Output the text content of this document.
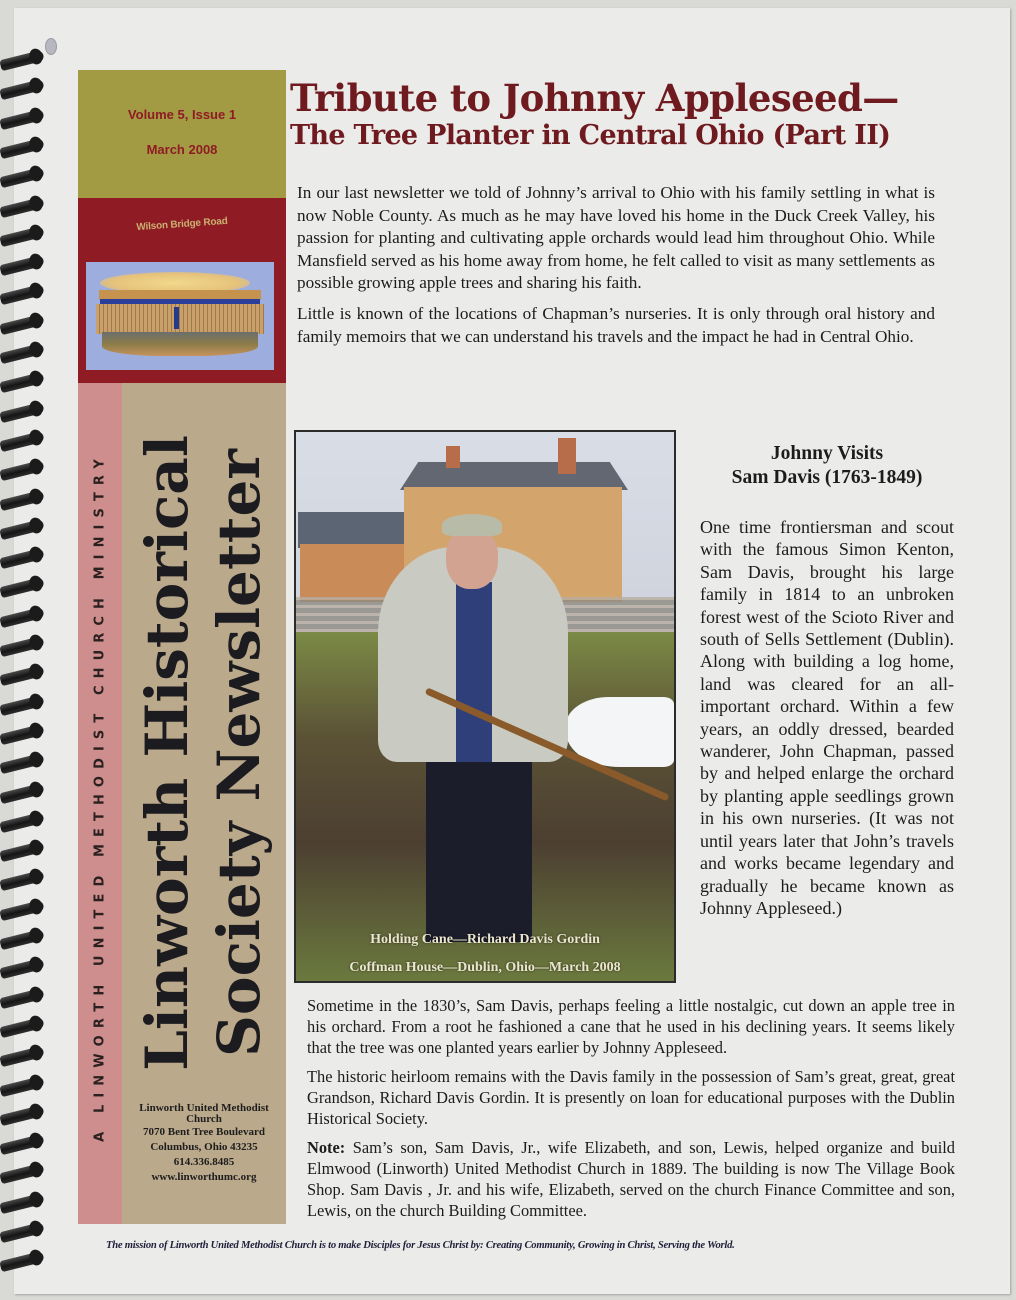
Volume 5, Issue 1
March 2008
Wilson Bridge Road
A LINWORTH UNITED METHODIST CHURCH MINISTRY Linworth Historical Society Newsletter
Linworth United Methodist
Church
7070 Bent Tree Boulevard
Columbus, Ohio 43235
614.336.8485
www.linworthumc.org
Tribute to Johnny Appleseed—
The Tree Planter in Central Ohio (Part II)

In our last newsletter we told of Johnny’s arrival to Ohio with his family settling in what is now Noble County. As much as he may have loved his home in the Duck Creek Valley, his passion for planting and cultivating apple orchards would lead him throughout Ohio. While Mansfield served as his home away from home, he felt called to visit as many settlements as possible growing apple trees and sharing his faith.

Little is known of the locations of Chapman’s nurseries. It is only through oral history and family memoirs that we can understand his travels and the impact he had in Central Ohio.

Holding Cane—Richard Davis Gordin
Coffman House—Dublin, Ohio—March 2008
Johnny Visits
Sam Davis (1763-1849)

One time frontiersman and scout with the famous Simon Kenton, Sam Davis, brought his large family in 1814 to an unbroken forest west of the Scioto River and south of Sells Settlement (Dublin). Along with building a log home, land was cleared for an all-important orchard. Within a few years, an oddly dressed, bearded wanderer, John Chapman, passed by and helped enlarge the orchard by planting apple seedlings grown in his own nurseries. (It was not until years later that John’s travels and works became legendary and gradually he became known as Johnny Appleseed.)

Sometime in the 1830’s, Sam Davis, perhaps feeling a little nostalgic, cut down an apple tree in his orchard. From a root he fashioned a cane that he used in his declining years. It seems likely that the tree was one planted years earlier by Johnny Appleseed.

The historic heirloom remains with the Davis family in the possession of Sam’s great, great, great Grandson, Richard Davis Gordin. It is presently on loan for educational purposes with the Dublin Historical Society.

Note: Sam’s son, Sam Davis, Jr., wife Elizabeth, and son, Lewis, helped organize and build Elmwood (Linworth) United Methodist Church in 1889. The building is now The Village Book Shop. Sam Davis , Jr. and his wife, Elizabeth, served on the church Finance Committee and son, Lewis, on the church Building Committee.

The mission of Linworth United Methodist Church is to make Disciples for Jesus Christ by: Creating Community, Growing in Christ, Serving the World.
